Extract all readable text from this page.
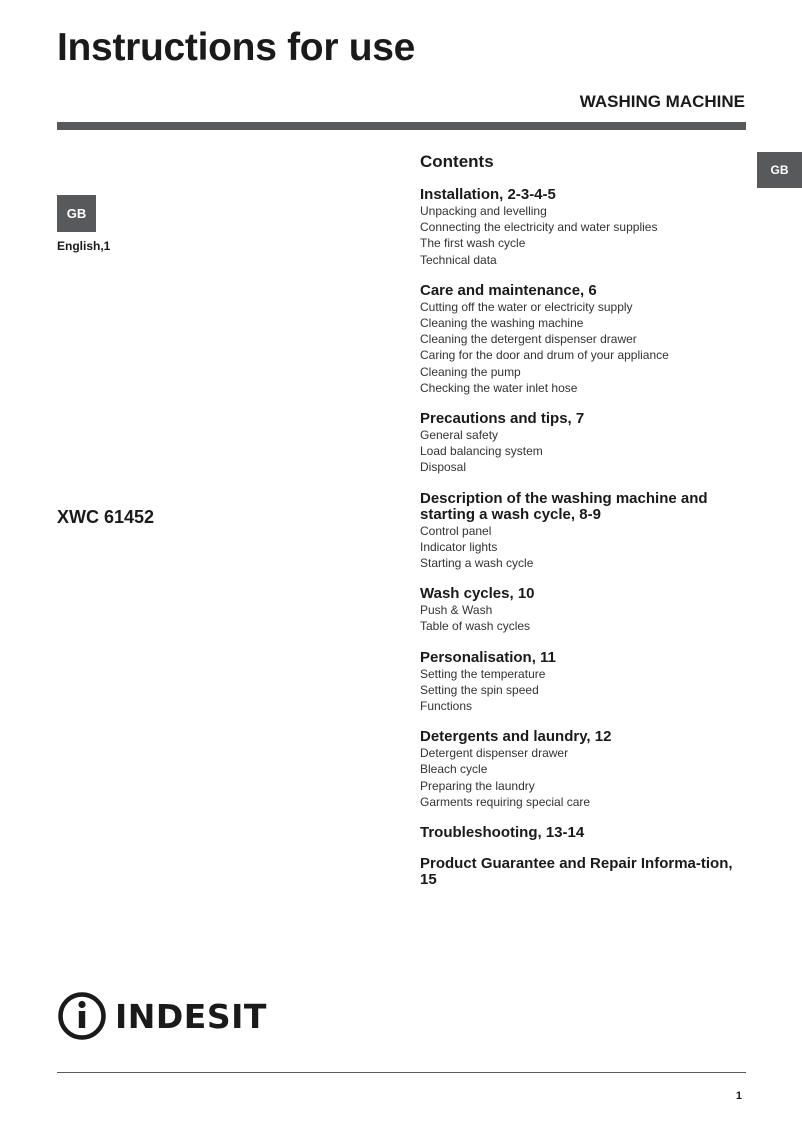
Instructions for use
WASHING MACHINE
GB
GB
English,1
XWC 61452
Contents
Installation, 2-3-4-5
Unpacking and levelling
Connecting the electricity and water supplies
The first wash cycle
Technical data
Care and maintenance, 6
Cutting off the water or electricity supply
Cleaning the washing machine
Cleaning the detergent dispenser drawer
Caring for the door and drum of your appliance
Cleaning the pump
Checking the water inlet hose
Precautions and tips, 7
General safety
Load balancing system
Disposal
Description of the washing machine and starting a wash cycle, 8-9
Control panel
Indicator lights
Starting a wash cycle
Wash cycles, 10
Push & Wash
Table of wash cycles
Personalisation, 11
Setting the temperature
Setting the spin speed
Functions
Detergents and laundry, 12
Detergent dispenser drawer
Bleach cycle
Preparing the laundry
Garments requiring special care
Troubleshooting, 13-14
Product Guarantee and Repair Informa-tion, 15
INDESIT
1
